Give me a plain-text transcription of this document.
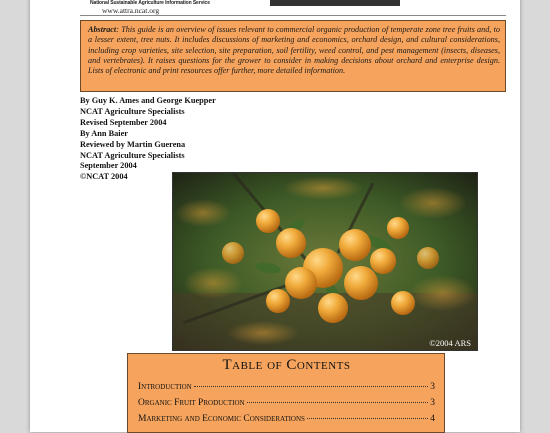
National Sustainable Agriculture Information Service
www.attra.ncat.org
Abstract: This guide is an overview of issues relevant to commercial organic production of temperate zone tree fruits and, to a lesser extent, tree nuts. It includes discussions of marketing and economics, orchard design, and cultural considerations, including crop varieties, site selection, site preparation, soil fertility, weed control, and pest management (insects, diseases, and vertebrates). It raises questions for the grower to consider in making decisions about orchard and enterprise design. Lists of electronic and print resources offer further, more detailed information.
By Guy K. Ames and George Kuepper
NCAT Agriculture Specialists
Revised September 2004
By Ann Baier
Reviewed by Martin Guerena
NCAT Agriculture Specialists
September 2004
©NCAT 2004
©2004 ARS
Table of Contents
Introduction	3
Organic Fruit Production	3
Marketing and Economic Considerations	4
